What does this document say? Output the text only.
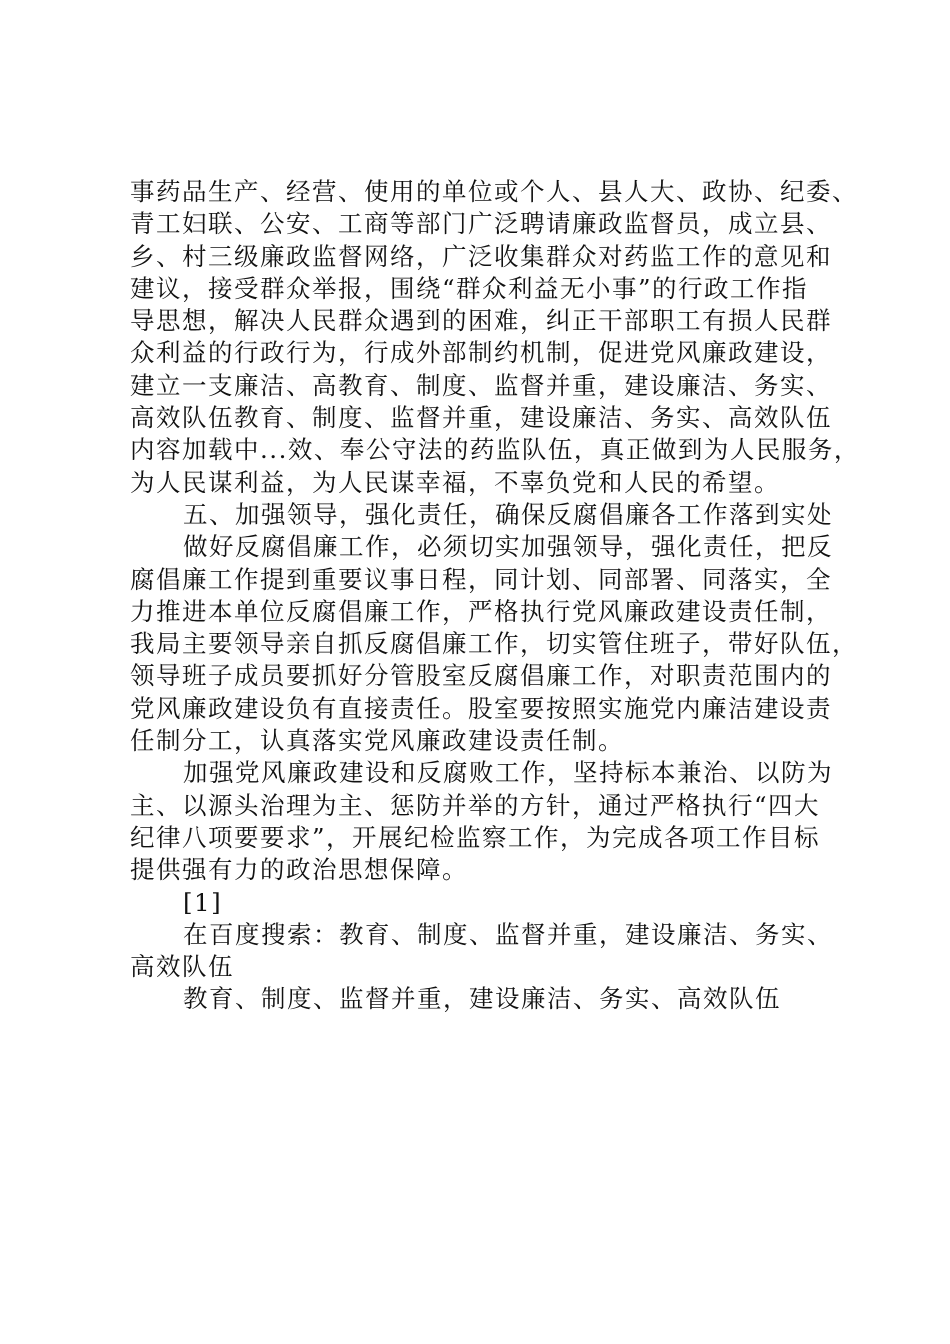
事药品生产、经营、使用的单位或个人、县人大、政协、纪委、
青工妇联、公安、工商等部门广泛聘请廉政监督员，成立县、
乡、村三级廉政监督网络，广泛收集群众对药监工作的意见和
建议，接受群众举报，围绕“群众利益无小事”的行政工作指
导思想，解决人民群众遇到的困难，纠正干部职工有损人民群
众利益的行政行为，行成外部制约机制，促进党风廉政建设，
建立一支廉洁、高教育、制度、监督并重，建设廉洁、务实、
高效队伍教育、制度、监督并重，建设廉洁、务实、高效队伍
内容加载中...效、奉公守法的药监队伍，真正做到为人民服务，
为人民谋利益，为人民谋幸福，不辜负党和人民的希望。
五、加强领导，强化责任，确保反腐倡廉各工作落到实处
做好反腐倡廉工作，必须切实加强领导，强化责任，把反
腐倡廉工作提到重要议事日程，同计划、同部署、同落实，全
力推进本单位反腐倡廉工作，严格执行党风廉政建设责任制，
我局主要领导亲自抓反腐倡廉工作，切实管住班子，带好队伍，
领导班子成员要抓好分管股室反腐倡廉工作，对职责范围内的
党风廉政建设负有直接责任。股室要按照实施党内廉洁建设责
任制分工，认真落实党风廉政建设责任制。
加强党风廉政建设和反腐败工作，坚持标本兼治、以防为
主、以源头治理为主、惩防并举的方针，通过严格执行“四大
纪律八项要要求”，开展纪检监察工作，为完成各项工作目标
提供强有力的政治思想保障。
[1]
在百度搜索：教育、制度、监督并重，建设廉洁、务实、
高效队伍
教育、制度、监督并重，建设廉洁、务实、高效队伍
